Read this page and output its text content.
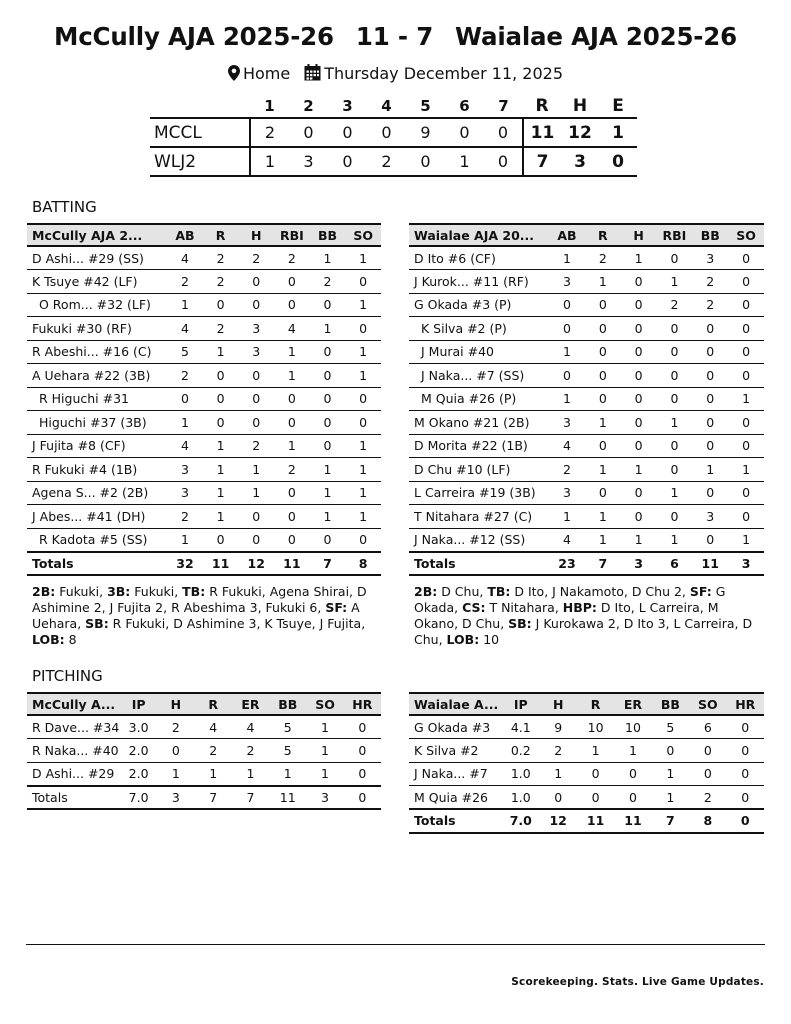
McCully AJA 2025-26 11 - 7 Waialae AJA 2025-26
Home Thursday December 11, 2025
	1	2	3	4	5	6	7	R	H	E
MCCL	2	0	0	0	9	0	0	11	12	1
WLJ2	1	3	0	2	0	1	0	7	3	0
BATTING
McCully AJA 2...	AB	R	H	RBI	BB	SO
D Ashi... #29 (SS)	4	2	2	2	1	1
K Tsuye #42 (LF)	2	2	0	0	2	0
O Rom... #32 (LF)	1	0	0	0	0	1
Fukuki #30 (RF)	4	2	3	4	1	0
R Abeshi... #16 (C)	5	1	3	1	0	1
A Uehara #22 (3B)	2	0	0	1	0	1
R Higuchi #31	0	0	0	0	0	0
Higuchi #37 (3B)	1	0	0	0	0	0
J Fujita #8 (CF)	4	1	2	1	0	1
R Fukuki #4 (1B)	3	1	1	2	1	1
Agena S... #2 (2B)	3	1	1	0	1	1
J Abes... #41 (DH)	2	1	0	0	1	1
R Kadota #5 (SS)	1	0	0	0	0	0
Totals	32	11	12	11	7	8
Waialae AJA 20...	AB	R	H	RBI	BB	SO
D Ito #6 (CF)	1	2	1	0	3	0
J Kurok... #11 (RF)	3	1	0	1	2	0
G Okada #3 (P)	0	0	0	2	2	0
K Silva #2 (P)	0	0	0	0	0	0
J Murai #40	1	0	0	0	0	0
J Naka... #7 (SS)	0	0	0	0	0	0
M Quia #26 (P)	1	0	0	0	0	1
M Okano #21 (2B)	3	1	0	1	0	0
D Morita #22 (1B)	4	0	0	0	0	0
D Chu #10 (LF)	2	1	1	0	1	1
L Carreira #19 (3B)	3	0	0	1	0	0
T Nitahara #27 (C)	1	1	0	0	3	0
J Naka... #12 (SS)	4	1	1	1	0	1
Totals	23	7	3	6	11	3
2B: Fukuki, 3B: Fukuki, TB: R Fukuki, Agena Shirai, D Ashimine 2, J Fujita 2, R Abeshima 3, Fukuki 6, SF: A Uehara, SB: R Fukuki, D Ashimine 3, K Tsuye, J Fujita, LOB: 8
2B: D Chu, TB: D Ito, J Nakamoto, D Chu 2, SF: G Okada, CS: T Nitahara, HBP: D Ito, L Carreira, M Okano, D Chu, SB: J Kurokawa 2, D Ito 3, L Carreira, D Chu, LOB: 10
PITCHING
McCully A...	IP	H	R	ER	BB	SO	HR
R Dave... #34	3.0	2	4	4	5	1	0
R Naka... #40	2.0	0	2	2	5	1	0
D Ashi... #29	2.0	1	1	1	1	1	0
Totals	7.0	3	7	7	11	3	0
Waialae A...	IP	H	R	ER	BB	SO	HR
G Okada #3	4.1	9	10	10	5	6	0
K Silva #2	0.2	2	1	1	0	0	0
J Naka... #7	1.0	1	0	0	1	0	0
M Quia #26	1.0	0	0	0	1	2	0
Totals	7.0	12	11	11	7	8	0
Scorekeeping. Stats. Live Game Updates.
